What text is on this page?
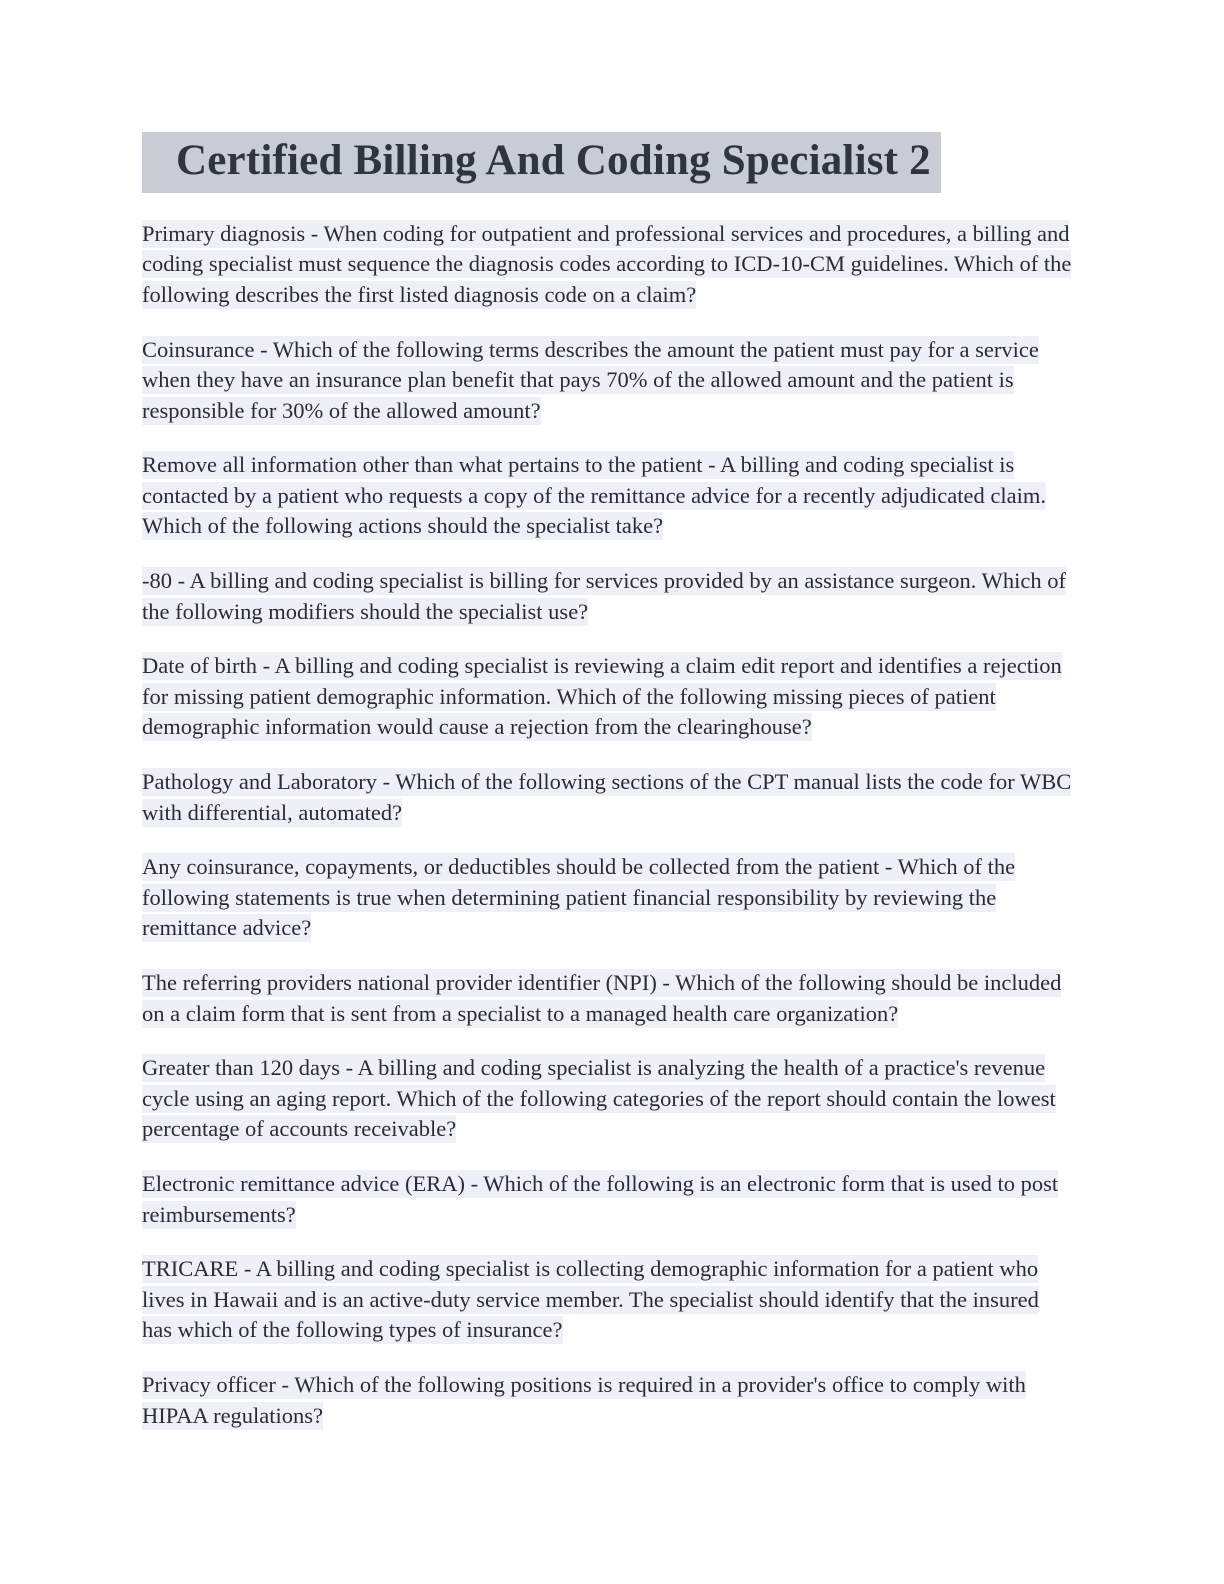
Certified Billing And Coding Specialist 2

Primary diagnosis - When coding for outpatient and professional services and procedures, a billing and coding specialist must sequence the diagnosis codes according to ICD-10-CM guidelines. Which of the following describes the first listed diagnosis code on a claim?

Coinsurance - Which of the following terms describes the amount the patient must pay for a service when they have an insurance plan benefit that pays 70% of the allowed amount and the patient is responsible for 30% of the allowed amount?

Remove all information other than what pertains to the patient - A billing and coding specialist is contacted by a patient who requests a copy of the remittance advice for a recently adjudicated claim. Which of the following actions should the specialist take?

-80 - A billing and coding specialist is billing for services provided by an assistance surgeon. Which of the following modifiers should the specialist use?

Date of birth - A billing and coding specialist is reviewing a claim edit report and identifies a rejection for missing patient demographic information. Which of the following missing pieces of patient demographic information would cause a rejection from the clearinghouse?

Pathology and Laboratory - Which of the following sections of the CPT manual lists the code for WBC with differential, automated?

Any coinsurance, copayments, or deductibles should be collected from the patient - Which of the following statements is true when determining patient financial responsibility by reviewing the remittance advice?

The referring providers national provider identifier (NPI) - Which of the following should be included on a claim form that is sent from a specialist to a managed health care organization?

Greater than 120 days - A billing and coding specialist is analyzing the health of a practice's revenue cycle using an aging report. Which of the following categories of the report should contain the lowest percentage of accounts receivable?

Electronic remittance advice (ERA) - Which of the following is an electronic form that is used to post reimbursements?

TRICARE - A billing and coding specialist is collecting demographic information for a patient who lives in Hawaii and is an active-duty service member. The specialist should identify that the insured has which of the following types of insurance?

Privacy officer - Which of the following positions is required in a provider's office to comply with HIPAA regulations?
